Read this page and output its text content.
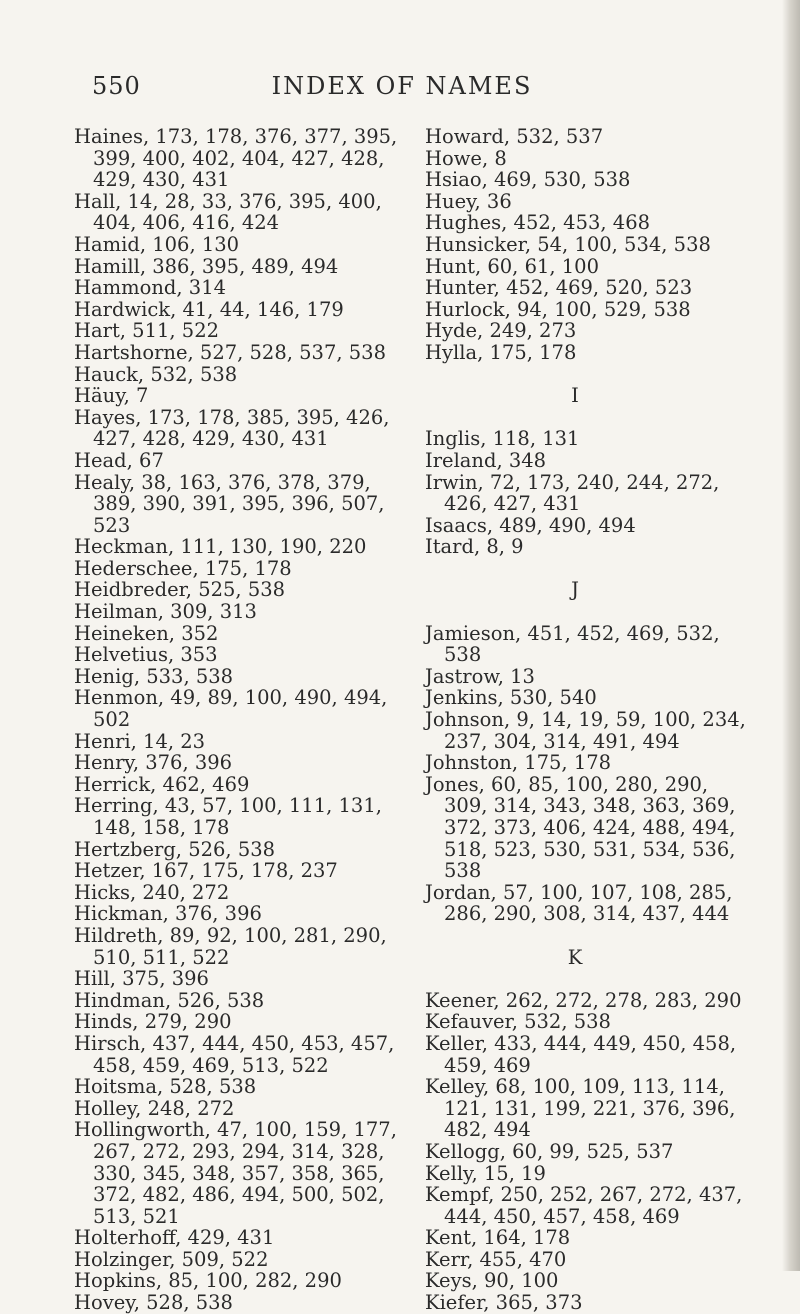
550	INDEX OF NAMES

Haines, 173, 178, 376, 377, 395, 399, 400, 402, 404, 427, 428, 429, 430, 431

Hall, 14, 28, 33, 376, 395, 400, 404, 406, 416, 424

Hamid, 106, 130

Hamill, 386, 395, 489, 494

Hammond, 314

Hardwick, 41, 44, 146, 179

Hart, 511, 522

Hartshorne, 527, 528, 537, 538

Hauck, 532, 538

Häuy, 7

Hayes, 173, 178, 385, 395, 426, 427, 428, 429, 430, 431

Head, 67

Healy, 38, 163, 376, 378, 379, 389, 390, 391, 395, 396, 507, 523

Heckman, 111, 130, 190, 220

Hederschee, 175, 178

Heidbreder, 525, 538

Heilman, 309, 313

Heineken, 352

Helvetius, 353

Henig, 533, 538

Henmon, 49, 89, 100, 490, 494, 502

Henri, 14, 23

Henry, 376, 396

Herrick, 462, 469

Herring, 43, 57, 100, 111, 131, 148, 158, 178

Hertzberg, 526, 538

Hetzer, 167, 175, 178, 237

Hicks, 240, 272

Hickman, 376, 396

Hildreth, 89, 92, 100, 281, 290, 510, 511, 522

Hill, 375, 396

Hindman, 526, 538

Hinds, 279, 290

Hirsch, 437, 444, 450, 453, 457, 458, 459, 469, 513, 522

Hoitsma, 528, 538

Holley, 248, 272

Hollingworth, 47, 100, 159, 177, 267, 272, 293, 294, 314, 328, 330, 345, 348, 357, 358, 365, 372, 482, 486, 494, 500, 502, 513, 521

Holterhoff, 429, 431

Holzinger, 509, 522

Hopkins, 85, 100, 282, 290

Hovey, 528, 538

Howard, 532, 537

Howe, 8

Hsiao, 469, 530, 538

Huey, 36

Hughes, 452, 453, 468

Hunsicker, 54, 100, 534, 538

Hunt, 60, 61, 100

Hunter, 452, 469, 520, 523

Hurlock, 94, 100, 529, 538

Hyde, 249, 273

Hylla, 175, 178

I

Inglis, 118, 131

Ireland, 348

Irwin, 72, 173, 240, 244, 272, 426, 427, 431

Isaacs, 489, 490, 494

Itard, 8, 9

J

Jamieson, 451, 452, 469, 532, 538

Jastrow, 13

Jenkins, 530, 540

Johnson, 9, 14, 19, 59, 100, 234, 237, 304, 314, 491, 494

Johnston, 175, 178

Jones, 60, 85, 100, 280, 290, 309, 314, 343, 348, 363, 369, 372, 373, 406, 424, 488, 494, 518, 523, 530, 531, 534, 536, 538

Jordan, 57, 100, 107, 108, 285, 286, 290, 308, 314, 437, 444

K

Keener, 262, 272, 278, 283, 290

Kefauver, 532, 538

Keller, 433, 444, 449, 450, 458, 459, 469

Kelley, 68, 100, 109, 113, 114, 121, 131, 199, 221, 376, 396, 482, 494

Kellogg, 60, 99, 525, 537

Kelly, 15, 19

Kempf, 250, 252, 267, 272, 437, 444, 450, 457, 458, 469

Kent, 164, 178

Kerr, 455, 470

Keys, 90, 100

Kiefer, 365, 373
